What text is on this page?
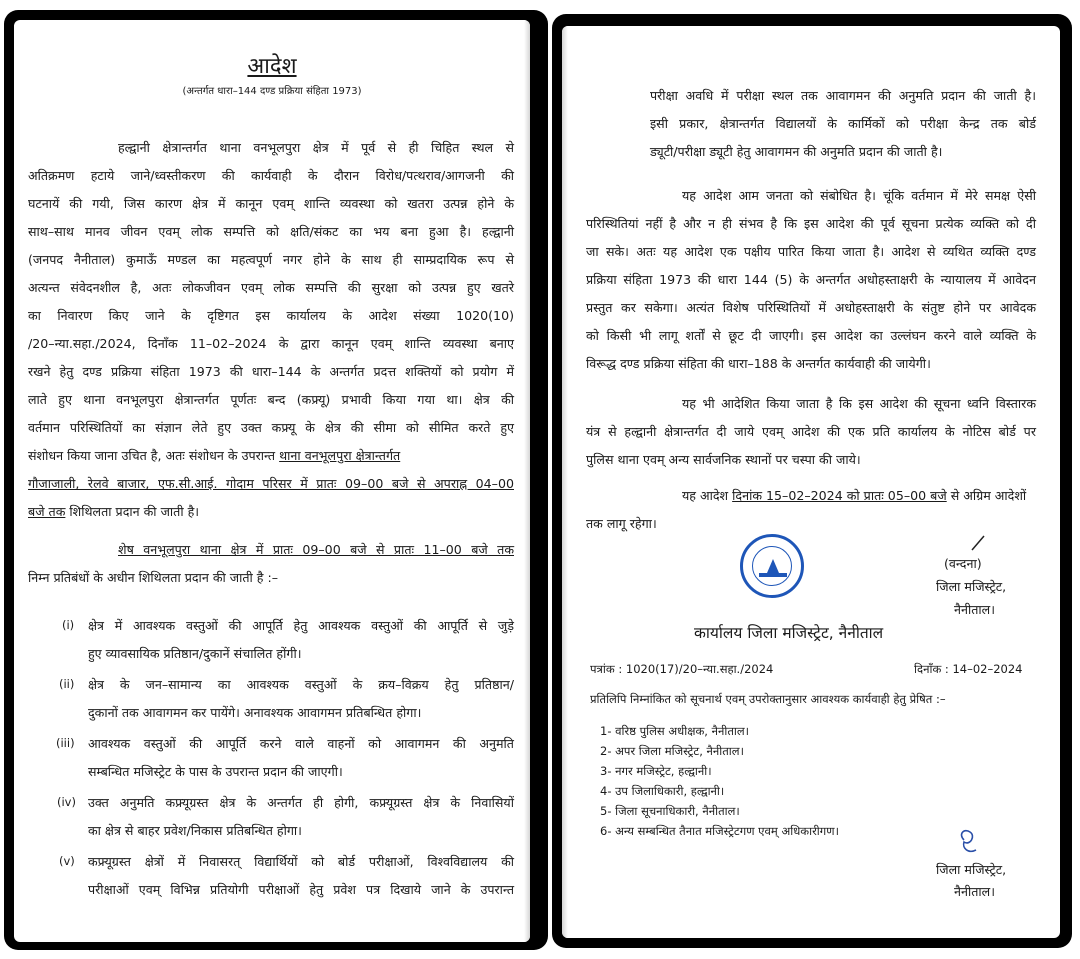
आदेश
(अन्तर्गत धारा–144 दण्ड प्रक्रिया संहिता 1973)
हल्द्वानी क्षेत्रान्तर्गत थाना वनभूलपुरा क्षेत्र में पूर्व से ही चिहित स्थल से
अतिक्रमण हटाये जाने/ध्वस्तीकरण की कार्यवाही के दौरान विरोध/पत्थराव/आगजनी की
घटनायें की गयी, जिस कारण क्षेत्र में कानून एवम् शान्ति व्यवस्था को खतरा उत्पन्न होने के
साथ–साथ मानव जीवन एवम् लोक सम्पत्ति को क्षति/संकट का भय बना हुआ है। हल्द्वानी
(जनपद नैनीताल) कुमाऊँ मण्डल का महत्वपूर्ण नगर होने के साथ ही साम्प्रदायिक रूप से
अत्यन्त संवेदनशील है, अतः लोकजीवन एवम् लोक सम्पत्ति की सुरक्षा को उत्पन्न हुए खतरे
का निवारण किए जाने के दृष्टिगत इस कार्यालय के आदेश संख्या 1020(10)
/20–न्या.सहा./2024, दिनाँक 11–02–2024 के द्वारा कानून एवम् शान्ति व्यवस्था बनाए
रखने हेतु दण्ड प्रक्रिया संहिता 1973 की धारा–144 के अन्तर्गत प्रदत्त शक्तियों को प्रयोग में
लाते हुए थाना वनभूलपुरा क्षेत्रान्तर्गत पूर्णतः बन्द (कफ्र्यू) प्रभावी किया गया था। क्षेत्र की
वर्तमान परिस्थितियों का संज्ञान लेते हुए उक्त कफ्र्यू के क्षेत्र की सीमा को सीमित करते हुए
संशोधन किया जाना उचित है, अतः संशोधन के उपरान्त थाना वनभूलपुरा क्षेत्रान्तर्गत
गौजाजाली, रेलवे बाजार, एफ.सी.आई. गोदाम परिसर में प्रातः 09–00 बजे से अपराह्न 04–00
बजे तक शिथिलता प्रदान की जाती है।
शेष वनभूलपुरा थाना क्षेत्र में प्रातः 09–00 बजे से प्रातः 11–00 बजे तक
निम्न प्रतिबंधों के अधीन शिथिलता प्रदान की जाती है :–
(i) क्षेत्र में आवश्यक वस्तुओं की आपूर्ति हेतु आवश्यक वस्तुओं की आपूर्ति से जुड़े
हुए व्यावसायिक प्रतिष्ठान/दुकानें संचालित होंगी।
(ii) क्षेत्र के जन–सामान्य का आवश्यक वस्तुओं के क्रय–विक्रय हेतु प्रतिष्ठान/
दुकानों तक आवागमन कर पायेंगे। अनावश्यक आवागमन प्रतिबन्धित होगा।
(iii) आवश्यक वस्तुओं की आपूर्ति करने वाले वाहनों को आवागमन की अनुमति
सम्बन्धित मजिस्ट्रेट के पास के उपरान्त प्रदान की जाएगी।
(iv) उक्त अनुमति कफ्र्यूग्रस्त क्षेत्र के अन्तर्गत ही होगी, कफ्र्यूग्रस्त क्षेत्र के निवासियों
का क्षेत्र से बाहर प्रवेश/निकास प्रतिबन्धित होगा।
(v) कफ्र्यूग्रस्त क्षेत्रों में निवासरत् विद्यार्थियों को बोर्ड परीक्षाओं, विश्वविद्यालय की
परीक्षाओं एवम् विभिन्न प्रतियोगी परीक्षाओं हेतु प्रवेश पत्र दिखाये जाने के उपरान्त
परीक्षा अवधि में परीक्षा स्थल तक आवागमन की अनुमति प्रदान की जाती है।
इसी प्रकार, क्षेत्रान्तर्गत विद्यालयों के कार्मिकों को परीक्षा केन्द्र तक बोर्ड
ड्यूटी/परीक्षा ड्यूटी हेतु आवागमन की अनुमति प्रदान की जाती है।
यह आदेश आम जनता को संबोधित है। चूंकि वर्तमान में मेरे समक्ष ऐसी
परिस्थितियां नहीं है और न ही संभव है कि इस आदेश की पूर्व सूचना प्रत्येक व्यक्ति को दी
जा सके। अतः यह आदेश एक पक्षीय पारित किया जाता है। आदेश से व्यथित व्यक्ति दण्ड
प्रक्रिया संहिता 1973 की धारा 144 (5) के अन्तर्गत अधोहस्ताक्षरी के न्यायालय में आवेदन
प्रस्तुत कर सकेगा। अत्यंत विशेष परिस्थितियों में अधोहस्ताक्षरी के संतुष्ट होने पर आवेदक
को किसी भी लागू शर्तों से छूट दी जाएगी। इस आदेश का उल्लंघन करने वाले व्यक्ति के
विरूद्ध दण्ड प्रक्रिया संहिता की धारा–188 के अन्तर्गत कार्यवाही की जायेगी।
यह भी आदेशित किया जाता है कि इस आदेश की सूचना ध्वनि विस्तारक
यंत्र से हल्द्वानी क्षेत्रान्तर्गत दी जाये एवम् आदेश की एक प्रति कार्यालय के नोटिस बोर्ड पर
पुलिस थाना एवम् अन्य सार्वजनिक स्थानों पर चस्पा की जाये।
यह आदेश दिनांक 15–02–2024 को प्रातः 05–00 बजे से अग्रिम आदेशों
तक लागू रहेगा।
(वन्दना)
जिला मजिस्ट्रेट,
नैनीताल।
कार्यालय जिला मजिस्ट्रेट, नैनीताल
पत्रांक : 1020(17)/20–न्या.सहा./2024	दिनाँक : 14–02–2024
प्रतिलिपि निम्नांकित को सूचनार्थ एवम् उपरोक्तानुसार आवश्यक कार्यवाही हेतु प्रेषित :–
1- वरिष्ठ पुलिस अधीक्षक, नैनीताल।
2- अपर जिला मजिस्ट्रेट, नैनीताल।
3- नगर मजिस्ट्रेट, हल्द्वानी।
4- उप जिलाधिकारी, हल्द्वानी।
5- जिला सूचनाधिकारी, नैनीताल।
6- अन्य सम्बन्धित तैनात मजिस्ट्रेटगण एवम् अधिकारीगण।
जिला मजिस्ट्रेट,
नैनीताल।
